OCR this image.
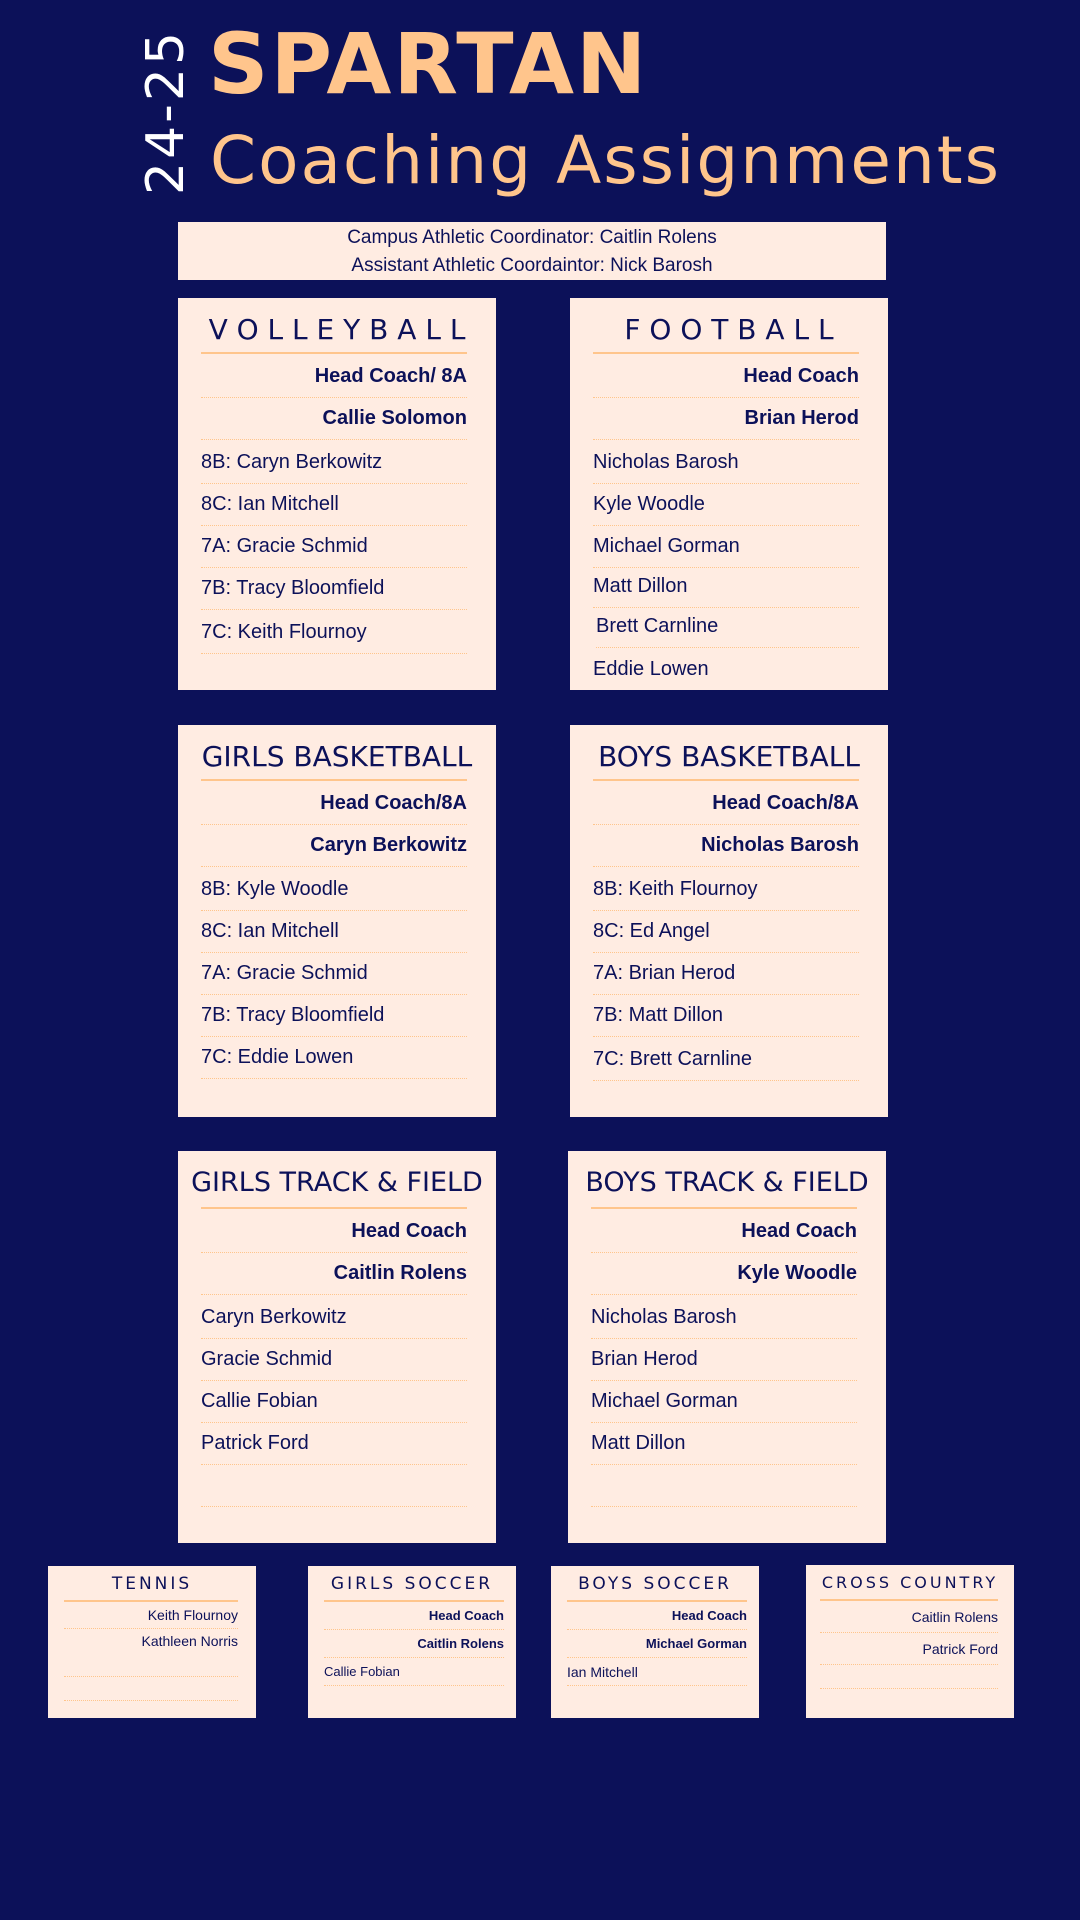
24-25 SPARTAN
Coaching Assignments
Campus Athletic Coordinator: Caitlin Rolens
Assistant Athletic Coordaintor: Nick Barosh
V O L L E Y B A L L
Head Coach/ 8A
Callie Solomon
8B: Caryn Berkowitz
8C: Ian Mitchell
7A: Gracie Schmid
7B: Tracy Bloomfield
7C: Keith Flournoy
F O O T B A L L
Head Coach
Brian Herod
Nicholas Barosh
Kyle Woodle
Michael Gorman
Matt Dillon
Brett Carnline
Eddie Lowen
GIRLS BASKETBALL
Head Coach/8A
Caryn Berkowitz
8B: Kyle Woodle
8C: Ian Mitchell
7A: Gracie Schmid
7B: Tracy Bloomfield
7C: Eddie Lowen
BOYS BASKETBALL
Head Coach/8A
Nicholas Barosh
8B: Keith Flournoy
8C: Ed Angel
7A: Brian Herod
7B: Matt Dillon
7C: Brett Carnline
GIRLS TRACK & FIELD
Head Coach
Caitlin Rolens
Caryn Berkowitz
Gracie Schmid
Callie Fobian
Patrick Ford
BOYS TRACK & FIELD
Head Coach
Kyle Woodle
Nicholas Barosh
Brian Herod
Michael Gorman
Matt Dillon
TENNIS
Keith Flournoy
Kathleen Norris
GIRLS SOCCER
Head Coach
Caitlin Rolens
Callie Fobian
BOYS SOCCER
Head Coach
Michael Gorman
Ian Mitchell
CROSS COUNTRY
Caitlin Rolens
Patrick Ford
